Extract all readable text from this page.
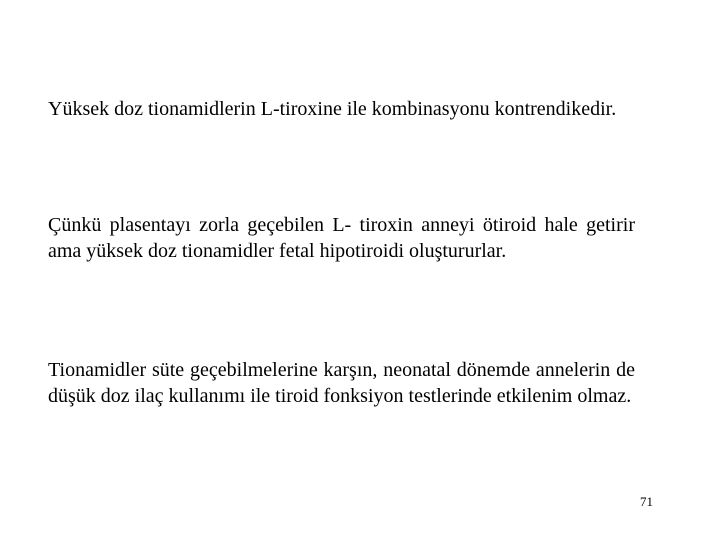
Yüksek doz tionamidlerin L-tiroxine ile kombinasyonu kontrendikedir.

Çünkü plasentayı zorla geçebilen L- tiroxin anneyi ötiroid hale getirir ama yüksek doz tionamidler fetal hipotiroidi oluştururlar.

Tionamidler süte geçebilmelerine karşın, neonatal dönemde annelerin de düşük doz ilaç kullanımı ile tiroid fonksiyon testlerinde etkilenim olmaz.

71
